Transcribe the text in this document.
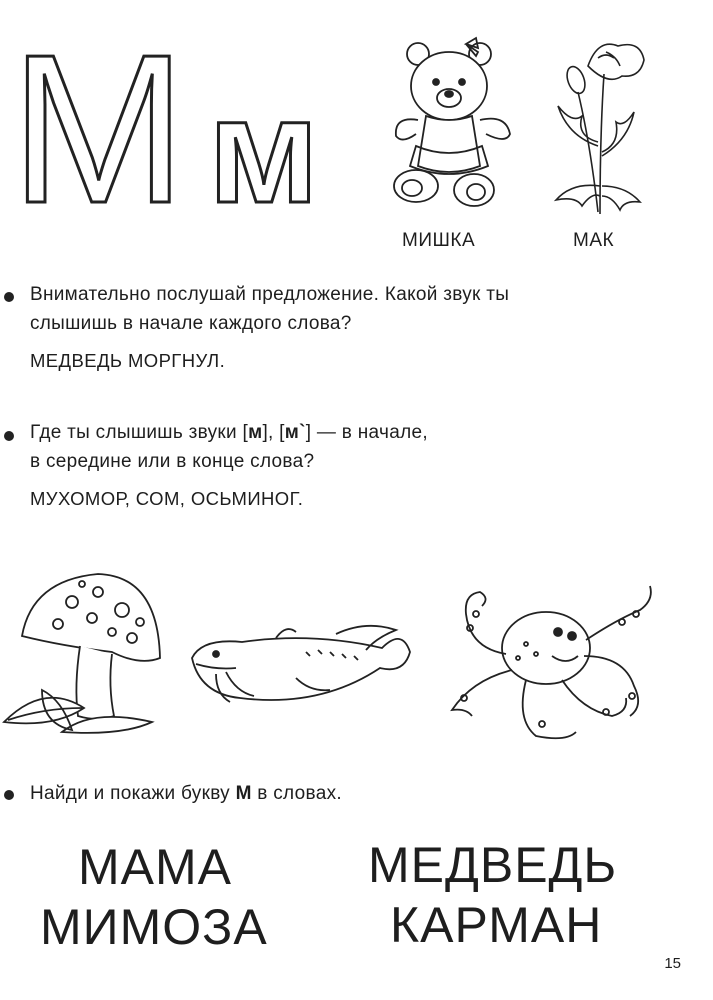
М м
МИШКА	МАК
Внимательно послушай предложение. Какой звук ты
слышишь в начале каждого слова?
МЕДВЕДЬ МОРГНУЛ.
Где ты слышишь звуки [м], [м`] — в начале,
в середине или в конце слова?
МУХОМОР, СОМ, ОСЬМИНОГ.
Найди и покажи букву М в словах.
МАМА
МИМОЗА
МЕДВЕДЬ
КАРМАН
15
